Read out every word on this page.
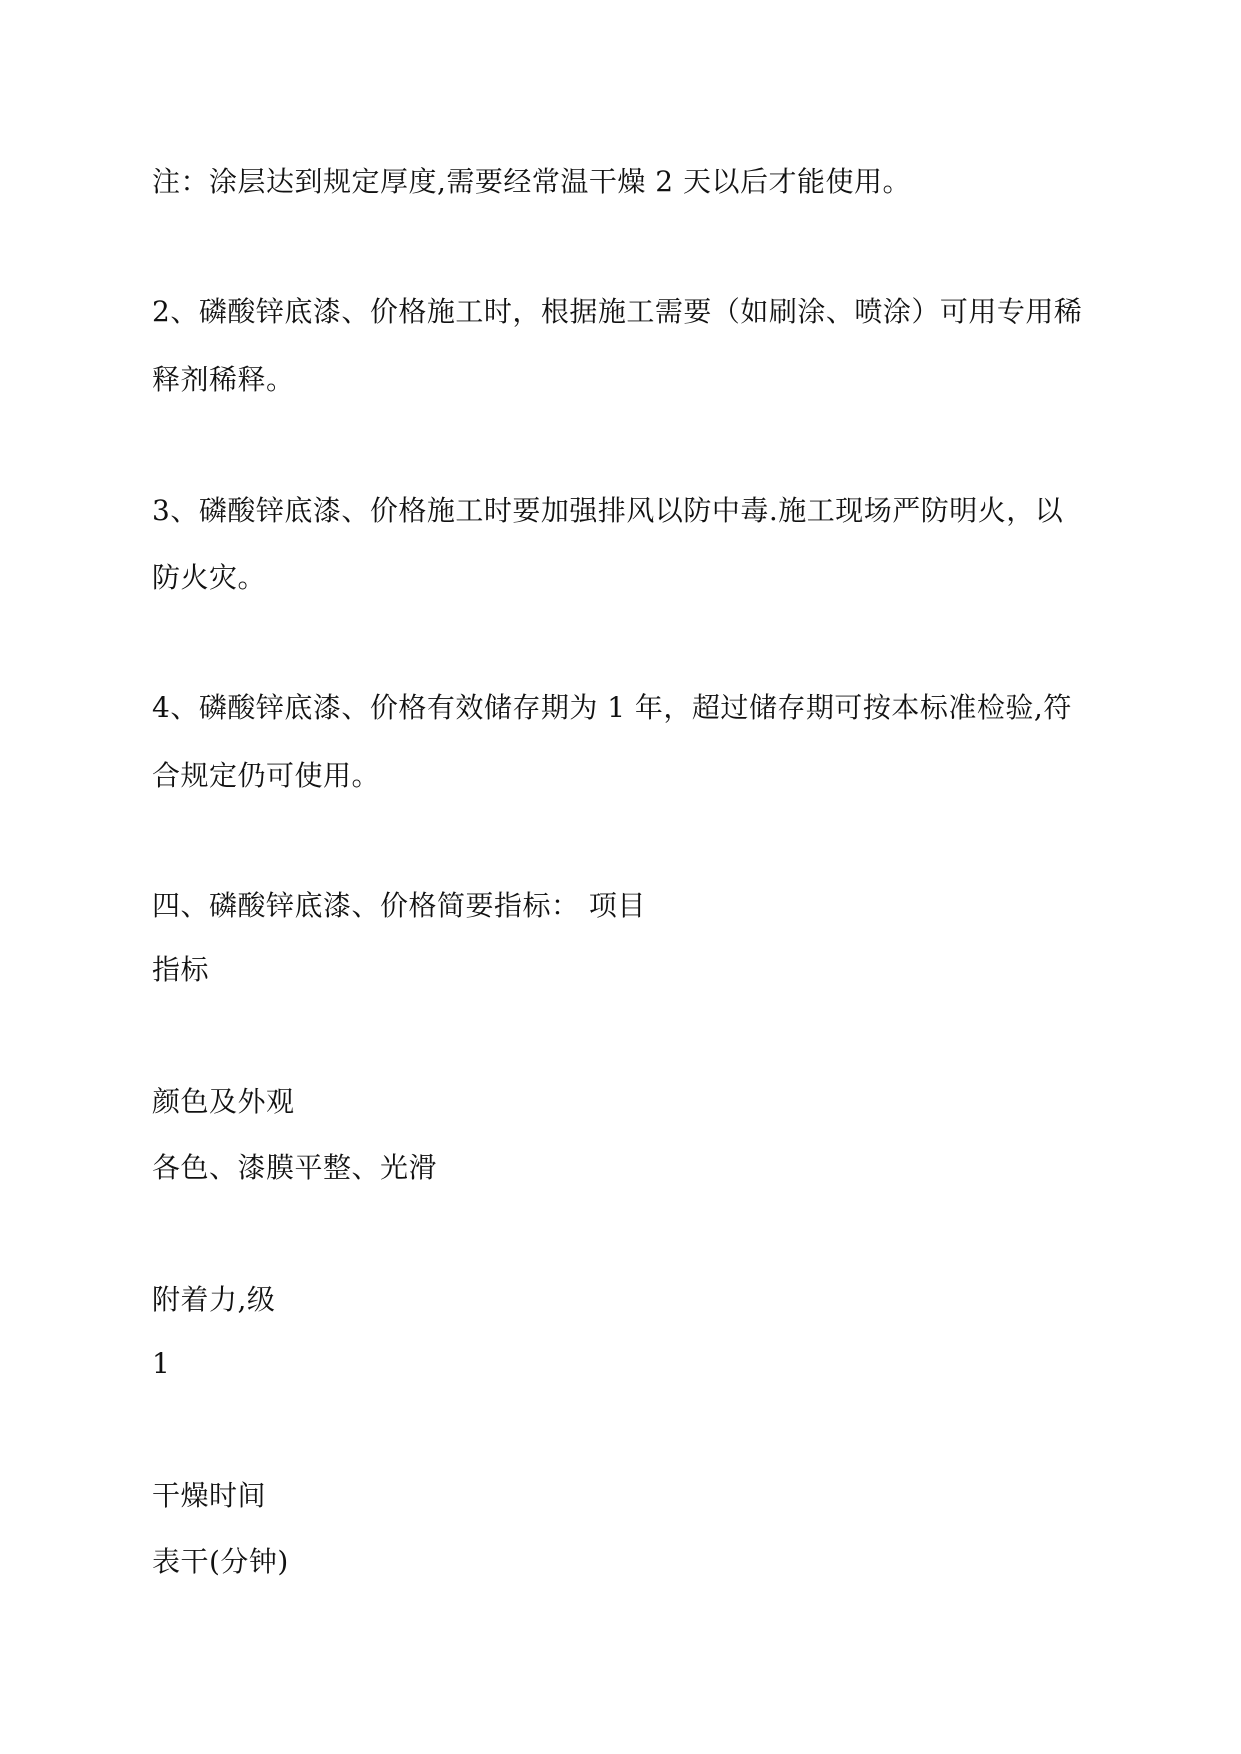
注：涂层达到规定厚度,需要经常温干燥 2 天以后才能使用。

2、磷酸锌底漆、价格施工时，根据施工需要（如刷涂、喷涂）可用专用稀

释剂稀释。

3、磷酸锌底漆、价格施工时要加强排风以防中毒.施工现场严防明火，以

防火灾。

4、磷酸锌底漆、价格有效储存期为 1 年，超过储存期可按本标准检验,符

合规定仍可使用。

四、磷酸锌底漆、价格简要指标： 项目

指标

颜色及外观

各色、漆膜平整、光滑

附着力,级

1

干燥时间

表干(分钟)
